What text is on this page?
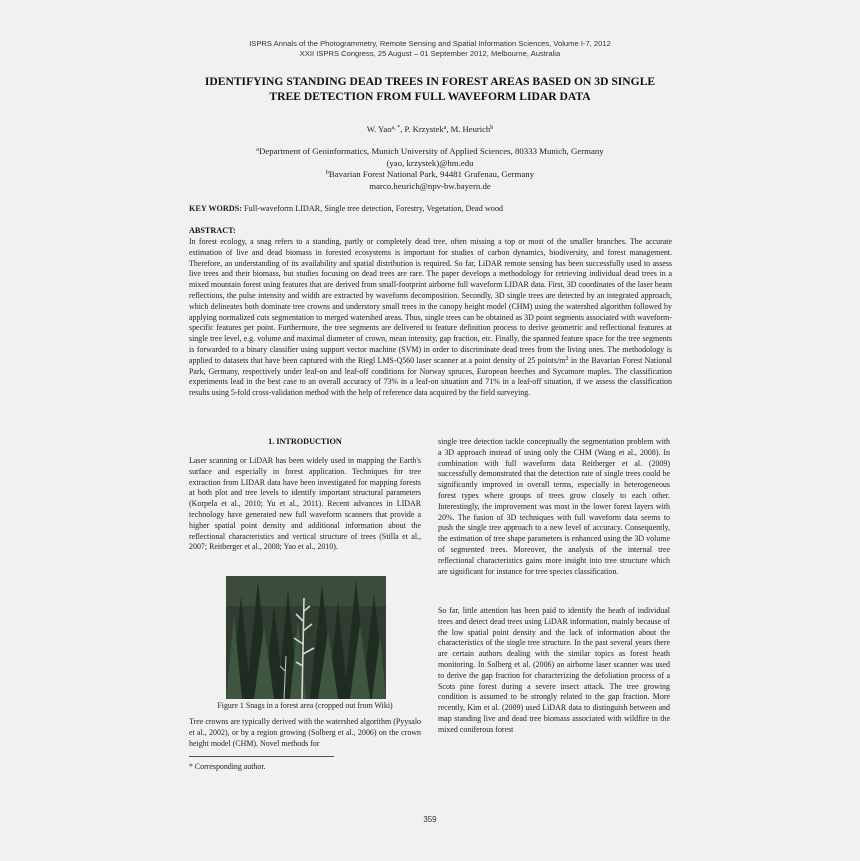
ISPRS Annals of the Photogrammetry, Remote Sensing and Spatial Information Sciences, Volume I-7, 2012
XXII ISPRS Congress, 25 August – 01 September 2012, Melbourne, Australia
IDENTIFYING STANDING DEAD TREES IN FOREST AREAS BASED ON 3D SINGLE
TREE DETECTION FROM FULL WAVEFORM LIDAR DATA
W. Yao$^{a, *}$, P. Krzystek$^a$, M. Heurich$^b$
$^a$Department of Geoinformatics, Munich University of Applied Sciences, 80333 Munich, Germany
(yao, krzystek)@hm.edu
$^b$Bavarian Forest National Park, 94481 Grafenau, Germany
marco.heurich@npv-bw.bayern.de
KEY WORDS: Full-waveform LIDAR, Single tree detection, Forestry, Vegetation, Dead wood
ABSTRACT:

In forest ecology, a snag refers to a standing, partly or completely dead tree, often missing a top or most of the smaller branches. The accurate estimation of live and dead biomass in forested ecosystems is important for studies of carbon dynamics, biodiversity, and forest management. Therefore, an understanding of its availability and spatial distribution is required. So far, LiDAR remote sensing has been successfully used to assess live trees and their biomass, but studies focusing on dead trees are rare. The paper develops a methodology for retrieving individual dead trees in a mixed mountain forest using features that are derived from small-footprint airborne full waveform LIDAR data. First, 3D coordinates of the laser beam reflections, the pulse intensity and width are extracted by waveform decomposition. Secondly, 3D single trees are detected by an integrated approach, which delineates both dominate tree crowns and understory small trees in the canopy height model (CHM) using the watershed algorithm followed by applying normalized cuts segmentation to merged watershed areas. Thus, single trees can be obtained as 3D point segments associated with waveform-specific features per point. Furthermore, the tree segments are delivered to feature definition process to derive geometric and reflectional features at single tree level, e.g. volume and maximal diameter of crown, mean intensity, gap fraction, etc. Finally, the spanned feature space for the tree segments is forwarded to a binary classifier using support vector machine (SVM) in order to discriminate dead trees from the living ones. The methodology is applied to datasets that have been captured with the Riegl LMS-Q560 laser scanner at a point density of 25 points/$m^2$ in the Bavarian Forest National Park, Germany, respectively under leaf-on and leaf-off conditions for Norway spruces, European beeches and Sycamore maples. The classification experiments lead in the best case to an overall accuracy of 73% in a leaf-on situation and 71% in a leaf-off situation, if we assess the classification results using 5-fold cross-validation method with the help of reference data acquired by the field surveying.

1. INTRODUCTION

Laser scanning or LiDAR has been widely used in mapping the Earth's surface and especially in forest application. Techniques for tree extraction from LIDAR data have been investigated for mapping forests at both plot and tree levels to identify important structural parameters (Korpela et al., 2010; Yu et al., 2011). Recent advances in LIDAR technology have generated new full waveform scanners that provide a higher spatial point density and additional information about the reflectional characteristics and vertical structure of trees (Stilla et al., 2007; Reitberger et al., 2008; Yao et al., 2010).

Figure 1 Snags in a forest area (cropped out from Wiki)

Tree crowns are typically derived with the watershed algorithm (Pyysalo et al., 2002), or by a region growing (Solberg et al., 2006) on the crown height model (CHM). Novel methods for

single tree detection tackle conceptually the segmentation problem with a 3D approach instead of using only the CHM (Wang et al., 2008). In combination with full waveform data Reitberger et al. (2009) successfully demonstrated that the detection rate of single trees could be significantly improved in overall terms, especially in heterogeneous forest types where groups of trees grow closely to each other. Interestingly, the improvement was most in the lower forest layers with 20%. The fusion of 3D techniques with full waveform data seems to push the single tree approach to a new level of accuracy. Consequently, the estimation of tree shape parameters is enhanced using the 3D volume of segmented trees. Moreover, the analysis of the internal tree reflectional characteristics gains more insight into tree structure which are significant for instance for tree species classification.

So far, little attention has been paid to identify the heath of individual trees and detect dead trees using LiDAR information, mainly because of the low spatial point density and the lack of information about the characteristics of the single tree structure. In the past several years there are certain authors dealing with the similar topics as forest heath monitoring. In Solberg et al. (2006) an airborne laser scanner was used to derive the gap fraction for characterizing the defoliation process of a Scots pine forest during a severe insect attack. The tree growing condition is assumed to be strongly related to the gap fraction. More recently, Kim et al. (2009) used LiDAR data to distinguish between and map standing live and dead tree biomass associated with wildfire in the mixed coniferous forest

* Corresponding author.
359
